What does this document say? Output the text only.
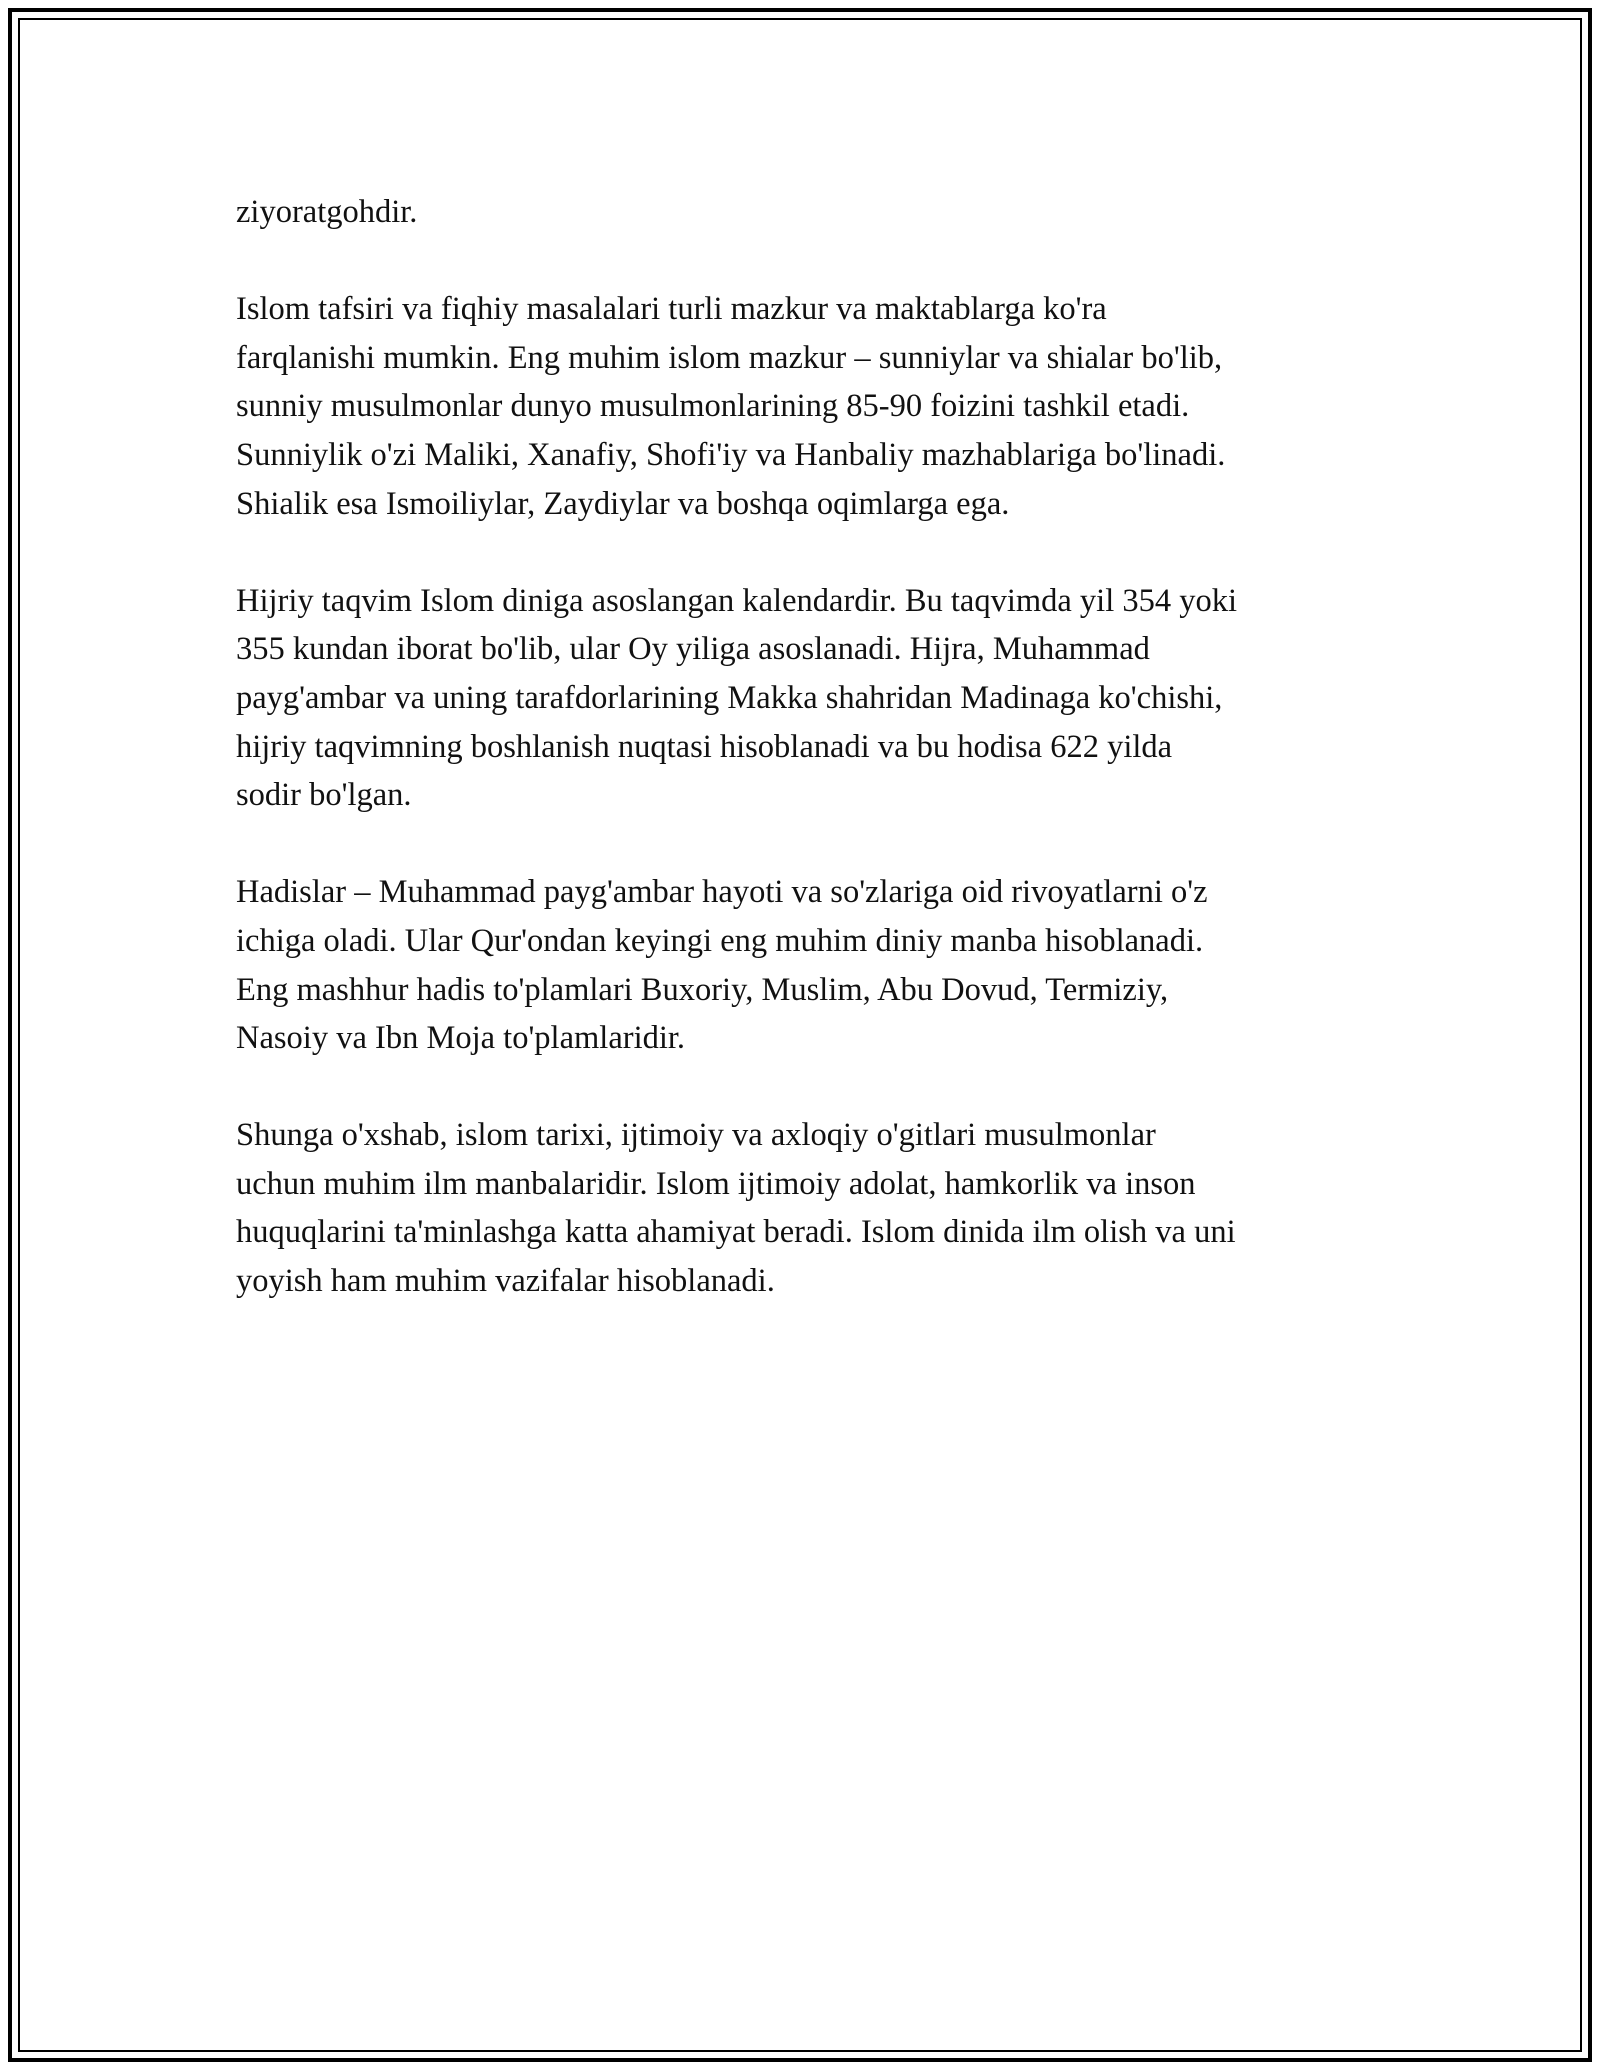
ziyoratgohdir.

Islom tafsiri va fiqhiy masalalari turli mazkur va maktablarga ko'ra
farqlanishi mumkin. Eng muhim islom mazkur – sunniylar va shialar bo'lib,
sunniy musulmonlar dunyo musulmonlarining 85-90 foizini tashkil etadi.
Sunniylik o'zi Maliki, Xanafiy, Shofi'iy va Hanbaliy mazhablariga bo'linadi.
Shialik esa Ismoiliylar, Zaydiylar va boshqa oqimlarga ega.

Hijriy taqvim Islom diniga asoslangan kalendardir. Bu taqvimda yil 354 yoki
355 kundan iborat bo'lib, ular Oy yiliga asoslanadi. Hijra, Muhammad
payg'ambar va uning tarafdorlarining Makka shahridan Madinaga ko'chishi,
hijriy taqvimning boshlanish nuqtasi hisoblanadi va bu hodisa 622 yilda
sodir bo'lgan.

Hadislar – Muhammad payg'ambar hayoti va so'zlariga oid rivoyatlarni o'z
ichiga oladi. Ular Qur'ondan keyingi eng muhim diniy manba hisoblanadi.
Eng mashhur hadis to'plamlari Buxoriy, Muslim, Abu Dovud, Termiziy,
Nasoiy va Ibn Moja to'plamlaridir.

Shunga o'xshab, islom tarixi, ijtimoiy va axloqiy o'gitlari musulmonlar
uchun muhim ilm manbalaridir. Islom ijtimoiy adolat, hamkorlik va inson
huquqlarini ta'minlashga katta ahamiyat beradi. Islom dinida ilm olish va uni
yoyish ham muhim vazifalar hisoblanadi.
